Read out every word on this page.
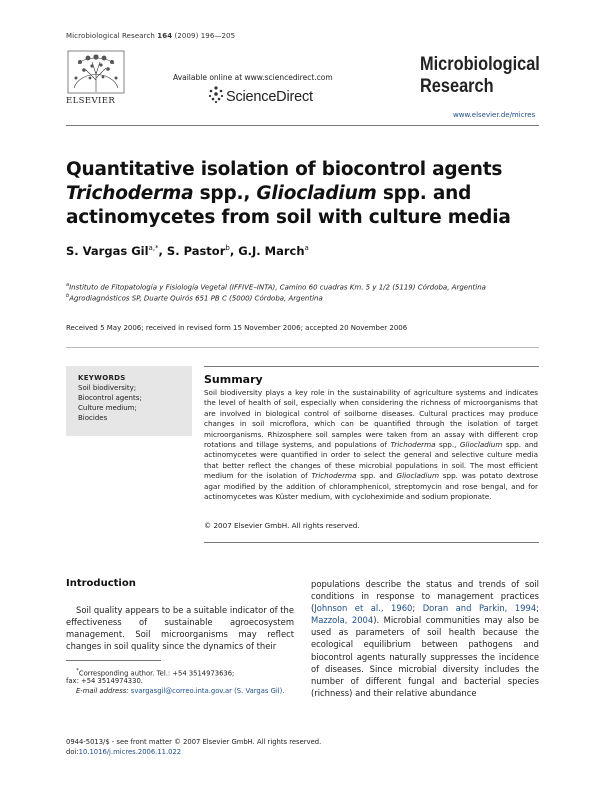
Microbiological Research 164 (2009) 196—205
ELSEVIER
Available online at www.sciencedirect.com
ScienceDirect
Microbiological
Research
www.elsevier.de/micres
Quantitative isolation of biocontrol agents
Trichoderma spp., Gliocladium spp. and
actinomycetes from soil with culture media
S. Vargas Gil$^{a,*}$, S. Pastor$^b$, G.J. March$^a$
$^a$Instituto de Fitopatología y Fisiología Vegetal (IFFIVE–INTA), Camino 60 cuadras Km. 5 y 1/2 (5119) Córdoba, Argentina
$^b$Agrodiagnósticos SP, Duarte Quirós 651 PB C (5000) Córdoba, Argentina
Received 5 May 2006; received in revised form 15 November 2006; accepted 20 November 2006
KEYWORDS
Soil biodiversity;
Biocontrol agents;
Culture medium;
Biocides
Summary
Soil biodiversity plays a key role in the sustainability of agriculture systems and indicates the level of health of soil, especially when considering the richness of microorganisms that are involved in biological control of soilborne diseases. Cultural practices may produce changes in soil microflora, which can be quantified through the isolation of target microorganisms. Rhizosphere soil samples were taken from an assay with different crop rotations and tillage systems, and populations of Trichoderma spp., Gliocladium spp. and actinomycetes were quantified in order to select the general and selective culture media that better reflect the changes of these microbial populations in soil. The most efficient medium for the isolation of Trichoderma spp. and Gliocladium spp. was potato dextrose agar modified by the addition of chloramphenicol, streptomycin and rose bengal, and for actinomycetes was Küster medium, with cycloheximide and sodium propionate.
© 2007 Elsevier GmbH. All rights reserved.
Introduction
Soil quality appears to be a suitable indicator of the effectiveness of sustainable agroecosystem management. Soil microorganisms may reflect changes in soil quality since the dynamics of their
populations describe the status and trends of soil conditions in response to management practices (Johnson et al., 1960; Doran and Parkin, 1994; Mazzola, 2004). Microbial communities may also be used as parameters of soil health because the ecological equilibrium between pathogens and biocontrol agents naturally suppresses the incidence of diseases. Since microbial diversity includes the number of different fungal and bacterial species (richness) and their relative abundance
*Corresponding author. Tel.: +54 3514973636;
fax: +54 3514974330.
E-mail address: svargasgil@correo.inta.gov.ar (S. Vargas Gil).
0944-5013/$ - see front matter © 2007 Elsevier GmbH. All rights reserved.
doi:10.1016/j.micres.2006.11.022
